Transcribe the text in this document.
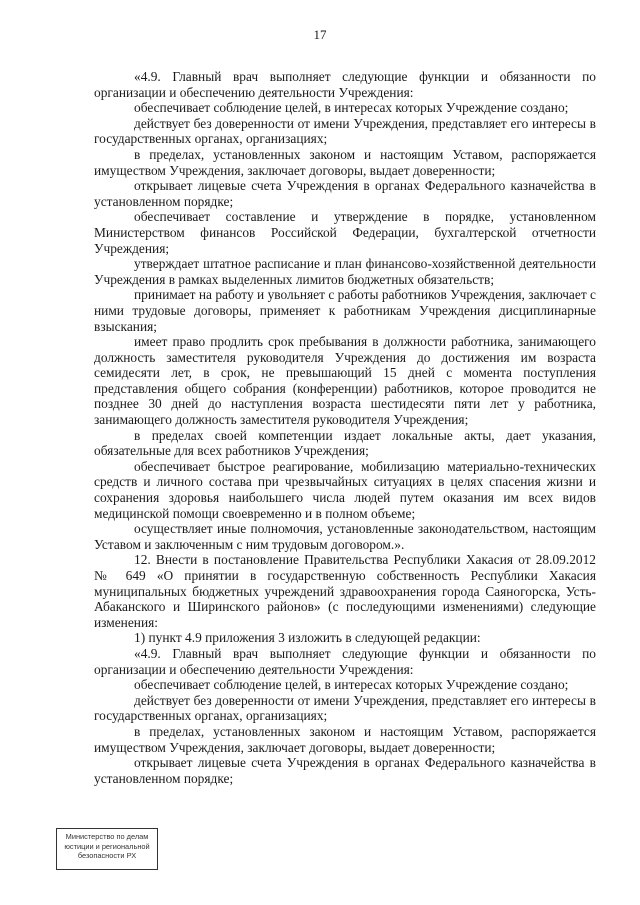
17

«4.9. Главный врач выполняет следующие функции и обязанности по организации и обеспечению деятельности Учреждения:

обеспечивает соблюдение целей, в интересах которых Учреждение создано;

действует без доверенности от имени Учреждения, представляет его интересы в государственных органах, организациях;

в пределах, установленных законом и настоящим Уставом, распоряжается имуществом Учреждения, заключает договоры, выдает доверенности;

открывает лицевые счета Учреждения в органах Федерального казначейства в установленном порядке;

обеспечивает составление и утверждение в порядке, установленном Министерством финансов Российской Федерации, бухгалтерской отчетности Учреждения;

утверждает штатное расписание и план финансово-хозяйственной деятельности Учреждения в рамках выделенных лимитов бюджетных обязательств;

принимает на работу и увольняет с работы работников Учреждения, заключает с ними трудовые договоры, применяет к работникам Учреждения дисциплинарные взыскания;

имеет право продлить срок пребывания в должности работника, занимающего должность заместителя руководителя Учреждения до достижения им возраста семидесяти лет, в срок, не превышающий 15 дней с момента поступления представления общего собрания (конференции) работников, которое проводится не позднее 30 дней до наступления возраста шестидесяти пяти лет у работника, занимающего должность заместителя руководителя Учреждения;

в пределах своей компетенции издает локальные акты, дает указания, обязательные для всех работников Учреждения;

обеспечивает быстрое реагирование, мобилизацию материально-технических средств и личного состава при чрезвычайных ситуациях в целях спасения жизни и сохранения здоровья наибольшего числа людей путем оказания им всех видов медицинской помощи своевременно и в полном объеме;

осуществляет иные полномочия, установленные законодательством, настоящим Уставом и заключенным с ним трудовым договором.».

12. Внести в постановление Правительства Республики Хакасия от 28.09.2012 № 649 «О принятии в государственную собственность Республики Хакасия муниципальных бюджетных учреждений здравоохранения города Саяногорска, Усть-Абаканского и Ширинского районов» (с последующими изменениями) следующие изменения:

1) пункт 4.9 приложения 3 изложить в следующей редакции:

«4.9. Главный врач выполняет следующие функции и обязанности по организации и обеспечению деятельности Учреждения:

обеспечивает соблюдение целей, в интересах которых Учреждение создано;

действует без доверенности от имени Учреждения, представляет его интересы в государственных органах, организациях;

в пределах, установленных законом и настоящим Уставом, распоряжается имуществом Учреждения, заключает договоры, выдает доверенности;

открывает лицевые счета Учреждения в органах Федерального казначейства в установленном порядке;

Министерство по делам
юстиции и региональной
безопасности РХ
